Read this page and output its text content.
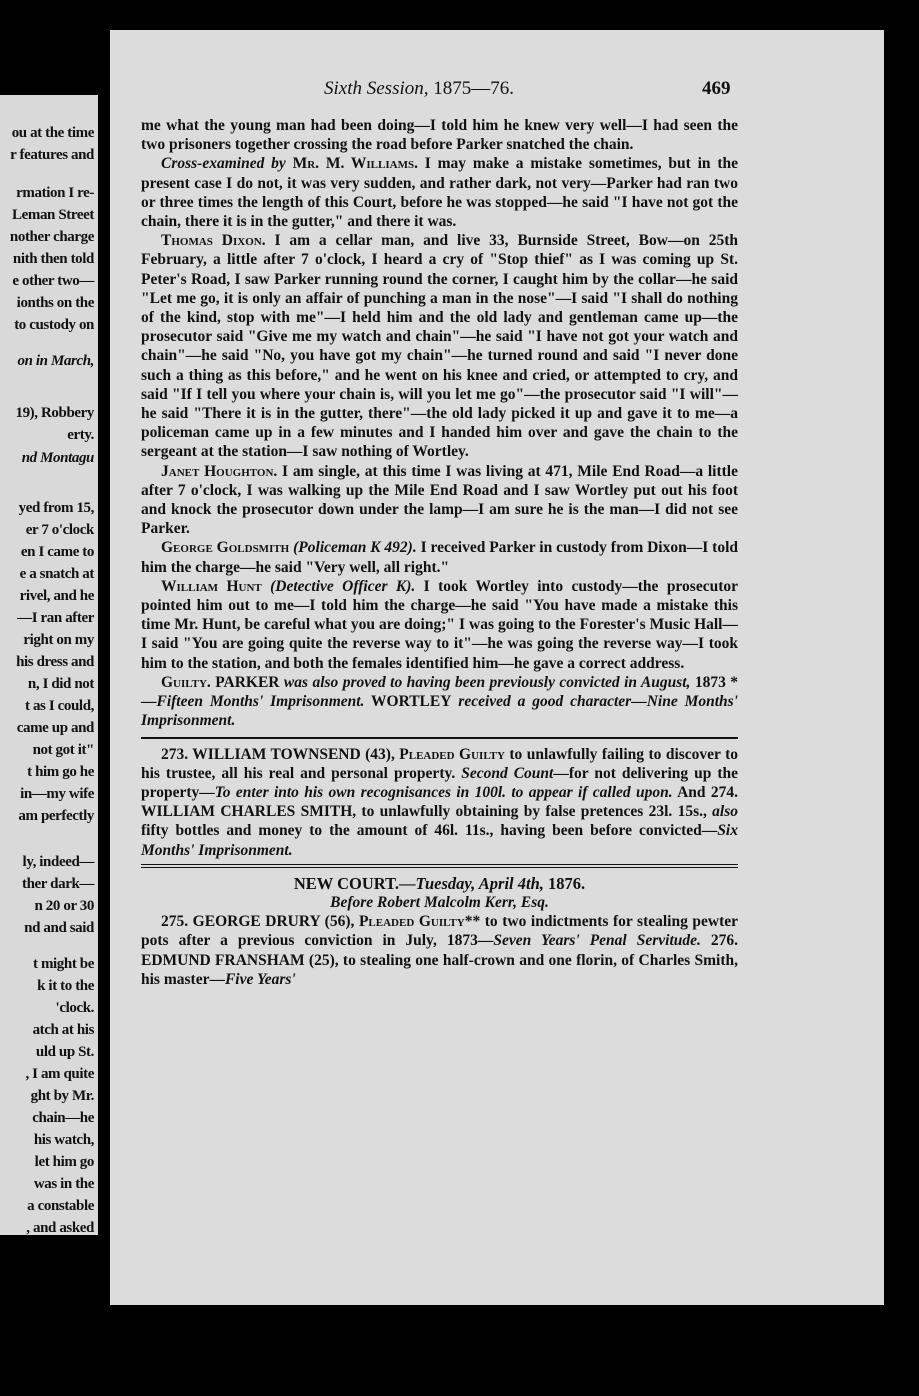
ou at the time
r features and
rmation I re-
Leman Street
nother charge
nith then told
e other two—
ionths on the
to custody on
on in March,
19), Robbery
erty.
nd Montagu
yed from 15,
er 7 o'clock
en I came to
e a snatch at
rivel, and he
—I ran after
right on my
his dress and
n, I did not
t as I could,
came up and
not got it"
t him go he
in—my wife
am perfectly
ly, indeed—
ther dark—
n 20 or 30
nd and said
t might be
k it to the
'clock.
atch at his
uld up St.
, I am quite
ght by Mr.
chain—he
his watch,
let him go
was in the
a constable
, and asked
Sixth Session, 1875—76.	469

me what the young man had been doing—I told him he knew very well—I had seen the two prisoners together crossing the road before Parker snatched the chain.

Cross-examined by Mr. M. Williams. I may make a mistake sometimes, but in the present case I do not, it was very sudden, and rather dark, not very—Parker had ran two or three times the length of this Court, before he was stopped—he said "I have not got the chain, there it is in the gutter," and there it was.

Thomas Dixon. I am a cellar man, and live 33, Burnside Street, Bow—on 25th February, a little after 7 o'clock, I heard a cry of "Stop thief" as I was coming up St. Peter's Road, I saw Parker running round the corner, I caught him by the collar—he said "Let me go, it is only an affair of punching a man in the nose"—I said "I shall do nothing of the kind, stop with me"—I held him and the old lady and gentleman came up—the prosecutor said "Give me my watch and chain"—he said "I have not got your watch and chain"—he said "No, you have got my chain"—he turned round and said "I never done such a thing as this before," and he went on his knee and cried, or attempted to cry, and said "If I tell you where your chain is, will you let me go"—the prosecutor said "I will"—he said "There it is in the gutter, there"—the old lady picked it up and gave it to me—a policeman came up in a few minutes and I handed him over and gave the chain to the sergeant at the station—I saw nothing of Wortley.

Janet Houghton. I am single, at this time I was living at 471, Mile End Road—a little after 7 o'clock, I was walking up the Mile End Road and I saw Wortley put out his foot and knock the prosecutor down under the lamp—I am sure he is the man—I did not see Parker.

George Goldsmith (Policeman K 492). I received Parker in custody from Dixon—I told him the charge—he said "Very well, all right."

William Hunt (Detective Officer K). I took Wortley into custody—the prosecutor pointed him out to me—I told him the charge—he said "You have made a mistake this time Mr. Hunt, be careful what you are doing;" I was going to the Forester's Music Hall—I said "You are going quite the reverse way to it"—he was going the reverse way—I took him to the station, and both the females identified him—he gave a correct address.

Guilty. PARKER was also proved to having been previously convicted in August, 1873 *—Fifteen Months' Imprisonment. WORTLEY received a good character—Nine Months' Imprisonment.

273. WILLIAM TOWNSEND (43), Pleaded Guilty to unlawfully failing to discover to his trustee, all his real and personal property. Second Count—for not delivering up the property—To enter into his own recognisances in 100l. to appear if called upon. And 274. WILLIAM CHARLES SMITH, to unlawfully obtaining by false pretences 23l. 15s., also fifty bottles and money to the amount of 46l. 11s., having been before convicted—Six Months' Imprisonment.

NEW COURT.—Tuesday, April 4th, 1876.

Before Robert Malcolm Kerr, Esq.

275. GEORGE DRURY (56), Pleaded Guilty** to two indictments for stealing pewter pots after a previous conviction in July, 1873—Seven Years' Penal Servitude. 276. EDMUND FRANSHAM (25), to stealing one half-crown and one florin, of Charles Smith, his master—Five Years'
